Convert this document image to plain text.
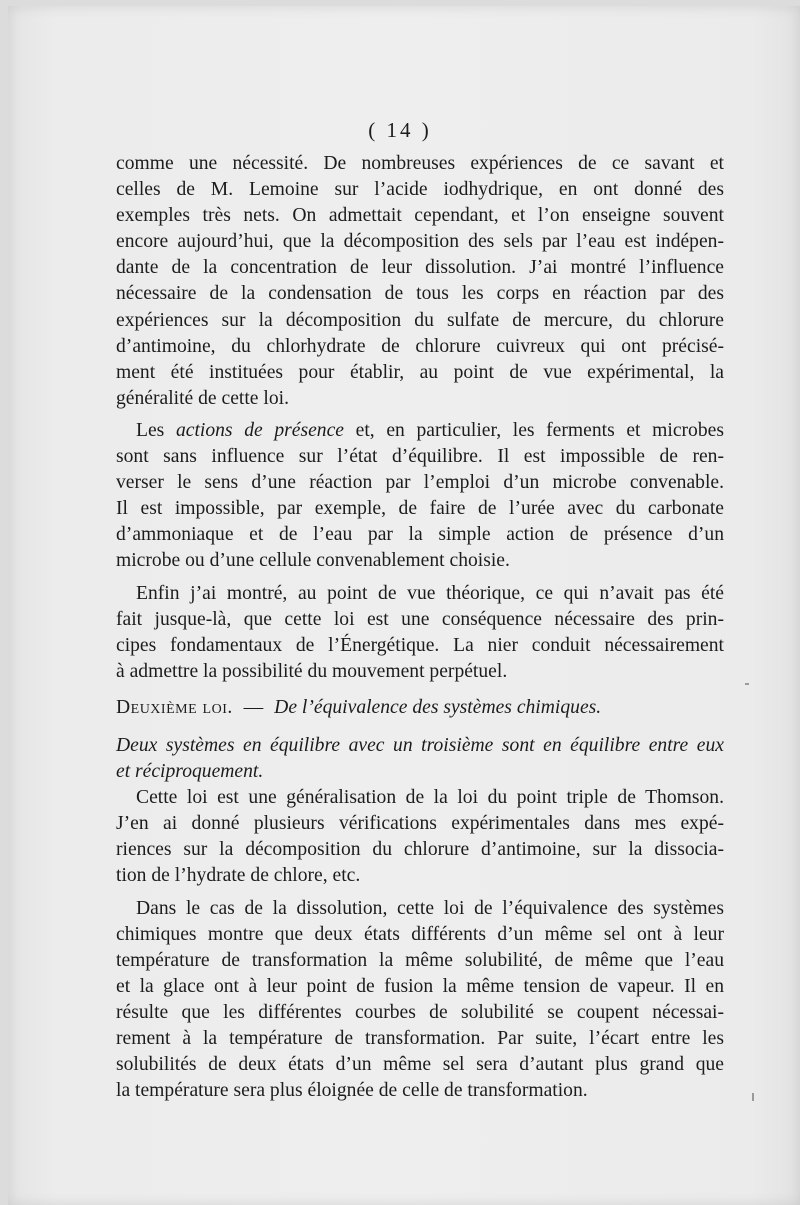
( 14 )
comme une nécessité. De nombreuses expériences de ce savant et
celles de M. Lemoine sur l’acide iodhydrique, en ont donné des
exemples très nets. On admettait cependant, et l’on enseigne souvent
encore aujourd’hui, que la décomposition des sels par l’eau est indépen-
dante de la concentration de leur dissolution. J’ai montré l’influence
nécessaire de la condensation de tous les corps en réaction par des
expériences sur la décomposition du sulfate de mercure, du chlorure
d’antimoine, du chlorhydrate de chlorure cuivreux qui ont précisé-
ment été instituées pour établir, au point de vue expérimental, la
généralité de cette loi.
Les actions de présence et, en particulier, les ferments et microbes
sont sans influence sur l’état d’équilibre. Il est impossible de ren-
verser le sens d’une réaction par l’emploi d’un microbe convenable.
Il est impossible, par exemple, de faire de l’urée avec du carbonate
d’ammoniaque et de l’eau par la simple action de présence d’un
microbe ou d’une cellule convenablement choisie.
Enfin j’ai montré, au point de vue théorique, ce qui n’avait pas été
fait jusque-là, que cette loi est une conséquence nécessaire des prin-
cipes fondamentaux de l’Énergétique. La nier conduit nécessairement
à admettre la possibilité du mouvement perpétuel.
Deuxième loi. — De l’équivalence des systèmes chimiques.
Deux systèmes en équilibre avec un troisième sont en équilibre entre eux
et réciproquement.
Cette loi est une généralisation de la loi du point triple de Thomson.
J’en ai donné plusieurs vérifications expérimentales dans mes expé-
riences sur la décomposition du chlorure d’antimoine, sur la dissocia-
tion de l’hydrate de chlore, etc.
Dans le cas de la dissolution, cette loi de l’équivalence des systèmes
chimiques montre que deux états différents d’un même sel ont à leur
température de transformation la même solubilité, de même que l’eau
et la glace ont à leur point de fusion la même tension de vapeur. Il en
résulte que les différentes courbes de solubilité se coupent nécessai-
rement à la température de transformation. Par suite, l’écart entre les
solubilités de deux états d’un même sel sera d’autant plus grand que
la température sera plus éloignée de celle de transformation.
